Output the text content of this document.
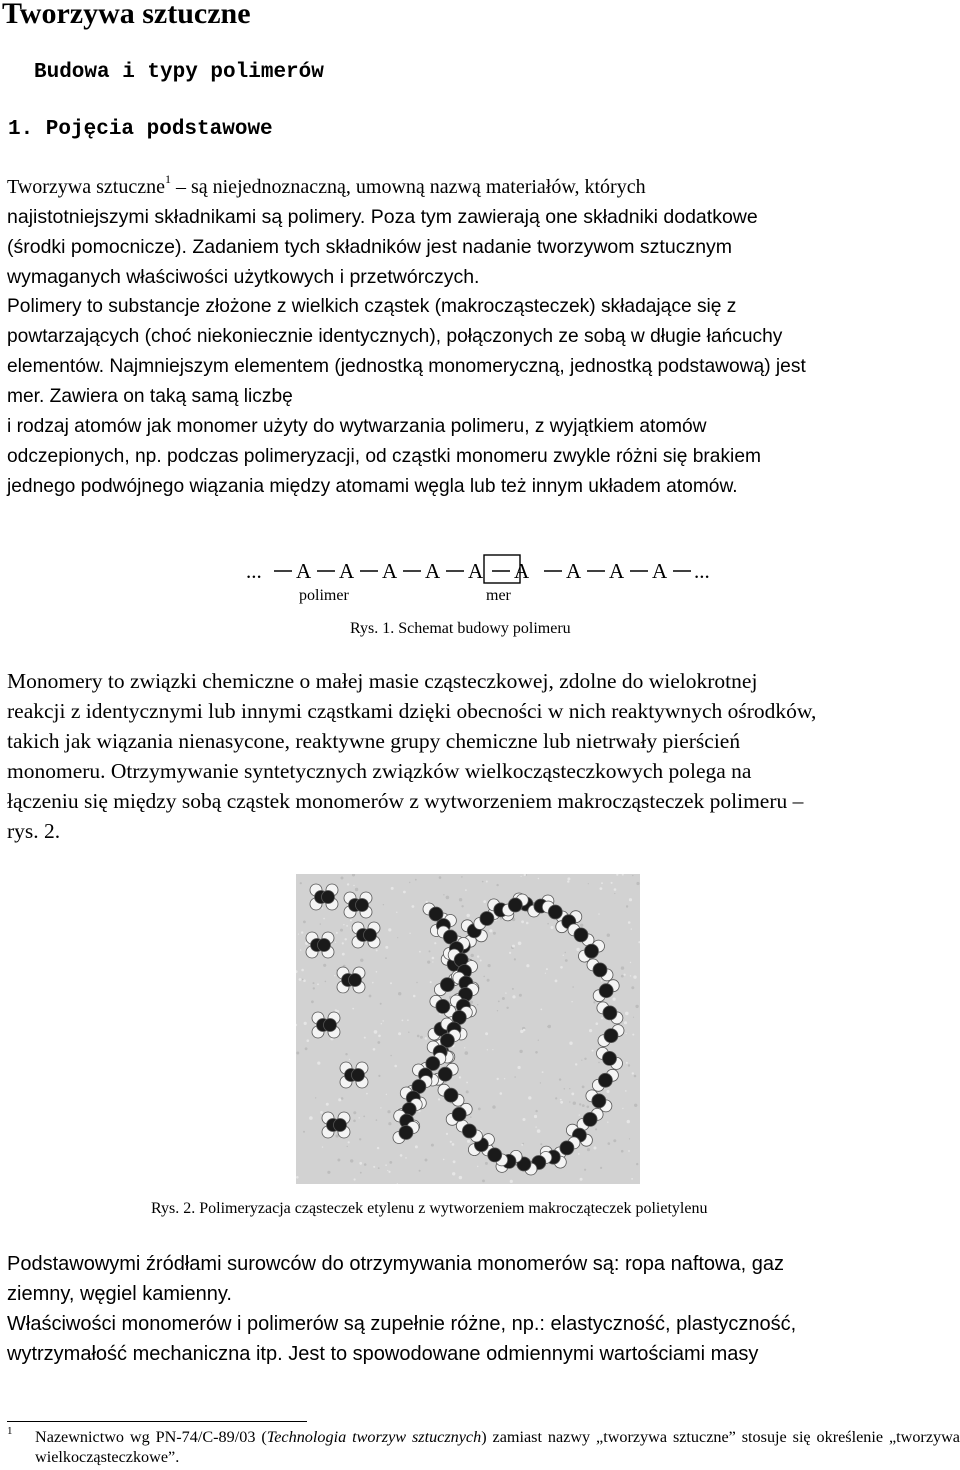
Tworzywa sztuczne
Budowa i typy polimerów
1. Pojęcia podstawowe

Tworzywa sztuczne$^1$ – są niejednoznaczną, umowną nazwą materiałów, których
najistotniejszymi składnikami są polimery. Poza tym zawierają one składniki dodatkowe
(środki pomocnicze). Zadaniem tych składników jest nadanie tworzywom sztucznym
wymaganych właściwości użytkowych i przetwórczych.

Polimery to substancje złożone z wielkich cząstek (makrocząsteczek) składające się z
powtarzających (choć niekoniecznie identycznych), połączonych ze sobą w długie łańcuchy
elementów. Najmniejszym elementem (jednostką monomeryczną, jednostką podstawową) jest
mer. Zawiera on taką samą liczbę
i rodzaj atomów jak monomer użyty do wytwarzania polimeru, z wyjątkiem atomów
odczepionych, np. podczas polimeryzacji, od cząstki monomeru zwykle różni się brakiem
jednego podwójnego wiązania między atomami węgla lub też innym układem atomów.

...	...
A A A A A A A A A
polimer	mer
Rys. 1. Schemat budowy polimeru

Monomery to związki chemiczne o małej masie cząsteczkowej, zdolne do wielokrotnej
reakcji z identycznymi lub innymi cząstkami dzięki obecności w nich reaktywnych ośrodków,
takich jak wiązania nienasycone, reaktywne grupy chemiczne lub nietrwały pierścień
monomeru. Otrzymywanie syntetycznych związków wielkocząsteczkowych polega na
łączeniu się między sobą cząstek monomerów z wytworzeniem makrocząsteczek polimeru –
rys. 2.

Rys. 2. Polimeryzacja cząsteczek etylenu z wytworzeniem makrocząteczek polietylenu

Podstawowymi źródłami surowców do otrzymywania monomerów są: ropa naftowa, gaz
ziemny, węgiel kamienny.
Właściwości monomerów i polimerów są zupełnie różne, np.: elastyczność, plastyczność,
wytrzymałość mechaniczna itp. Jest to spowodowane odmiennymi wartościami masy

1 Nazewnictwo wg PN-74/C-89/03 (Technologia tworzyw sztucznych) zamiast nazwy „tworzywa sztuczne” stosuje się określenie „tworzywa wielkocząsteczkowe”.
